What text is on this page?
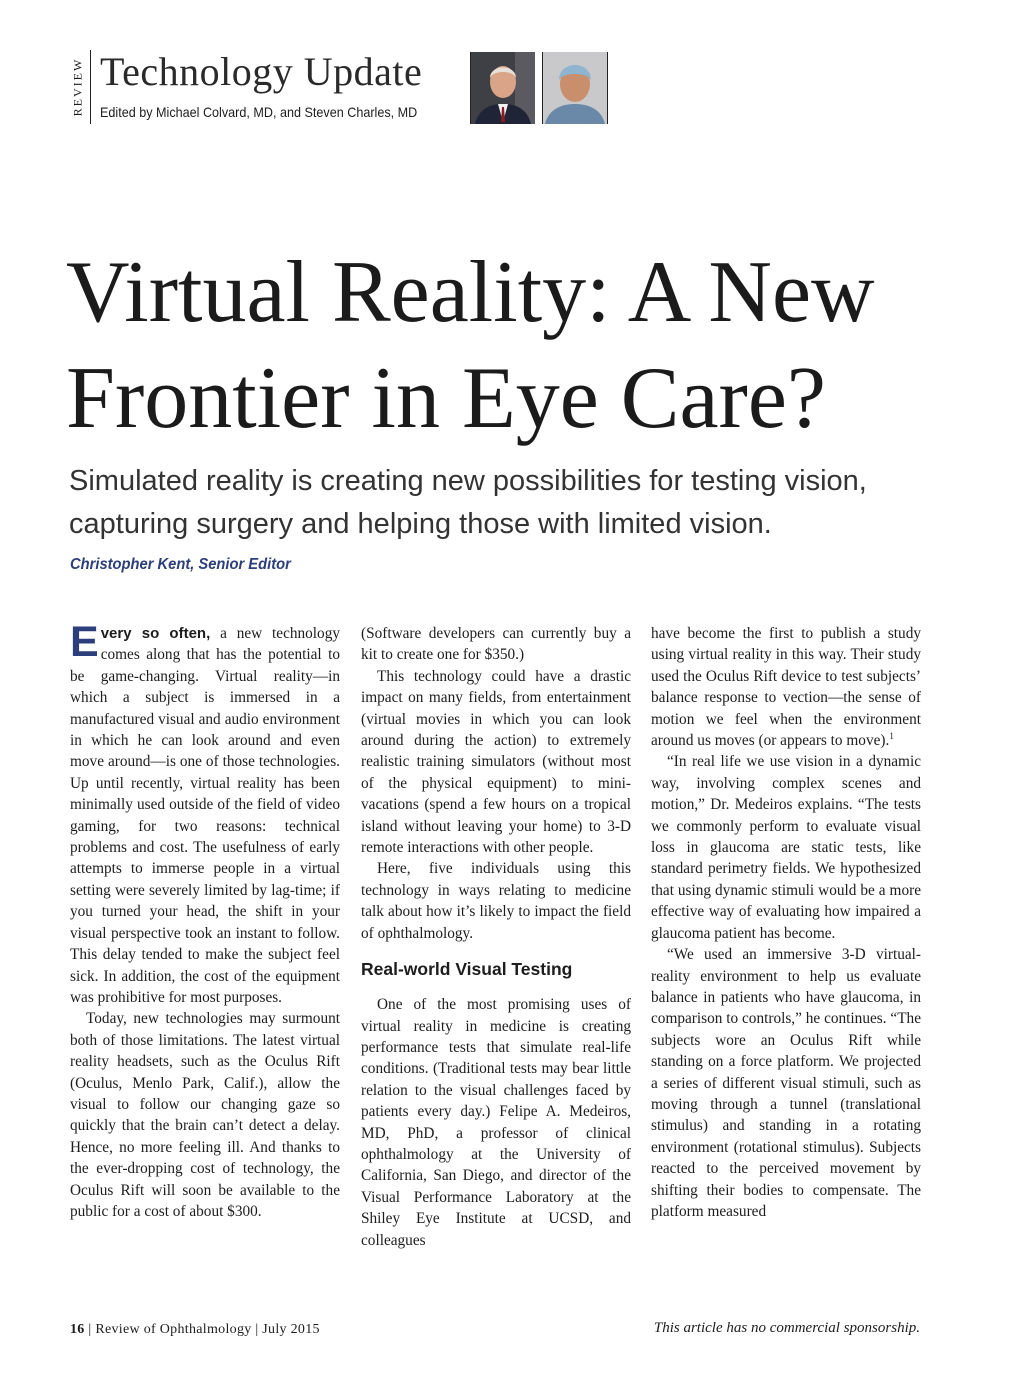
REVIEW Technology Update
Edited by Michael Colvard, MD, and Steven Charles, MD
Virtual Reality: A New
Frontier in Eye Care?
Simulated reality is creating new possibilities for testing vision, capturing surgery and helping those with limited vision.
Christopher Kent, Senior Editor

Every so often, a new technology comes along that has the potential to be game-changing. Virtual reality—in which a subject is immersed in a manufactured visual and audio environment in which he can look around and even move around—is one of those technologies. Up until recently, virtual reality has been minimally used outside of the field of video gaming, for two reasons: technical problems and cost. The usefulness of early attempts to immerse people in a virtual setting were severely limited by lag-time; if you turned your head, the shift in your visual perspective took an instant to follow. This delay tended to make the subject feel sick. In addition, the cost of the equipment was prohibitive for most purposes.

Today, new technologies may surmount both of those limitations. The latest virtual reality headsets, such as the Oculus Rift (Oculus, Menlo Park, Calif.), allow the visual to follow our changing gaze so quickly that the brain can’t detect a delay. Hence, no more feeling ill. And thanks to the ever-dropping cost of technology, the Oculus Rift will soon be available to the public for a cost of about $300.

(Software developers can currently buy a kit to create one for $350.)

This technology could have a drastic impact on many fields, from entertainment (virtual movies in which you can look around during the action) to extremely realistic training simulators (without most of the physical equipment) to mini-vacations (spend a few hours on a tropical island without leaving your home) to 3-D remote interactions with other people.

Here, five individuals using this technology in ways relating to medicine talk about how it’s likely to impact the field of ophthalmology.

Real-world Visual Testing

One of the most promising uses of virtual reality in medicine is creating performance tests that simulate real-life conditions. (Traditional tests may bear little relation to the visual challenges faced by patients every day.) Felipe A. Medeiros, MD, PhD, a professor of clinical ophthalmology at the University of California, San Diego, and director of the Visual Performance Laboratory at the Shiley Eye Institute at UCSD, and colleagues

have become the first to publish a study using virtual reality in this way. Their study used the Oculus Rift device to test subjects’ balance response to vection—the sense of motion we feel when the environment around us moves (or appears to move).$^1$

“In real life we use vision in a dynamic way, involving complex scenes and motion,” Dr. Medeiros explains. “The tests we commonly perform to evaluate visual loss in glaucoma are static tests, like standard perimetry fields. We hypothesized that using dynamic stimuli would be a more effective way of evaluating how impaired a glaucoma patient has become.

“We used an immersive 3-D virtual-reality environment to help us evaluate balance in patients who have glaucoma, in comparison to controls,” he continues. “The subjects wore an Oculus Rift while standing on a force platform. We projected a series of different visual stimuli, such as moving through a tunnel (translational stimulus) and standing in a rotating environment (rotational stimulus). Subjects reacted to the perceived movement by shifting their bodies to compensate. The platform measured

16 | Review of Ophthalmology | July 2015	This article has no commercial sponsorship.
